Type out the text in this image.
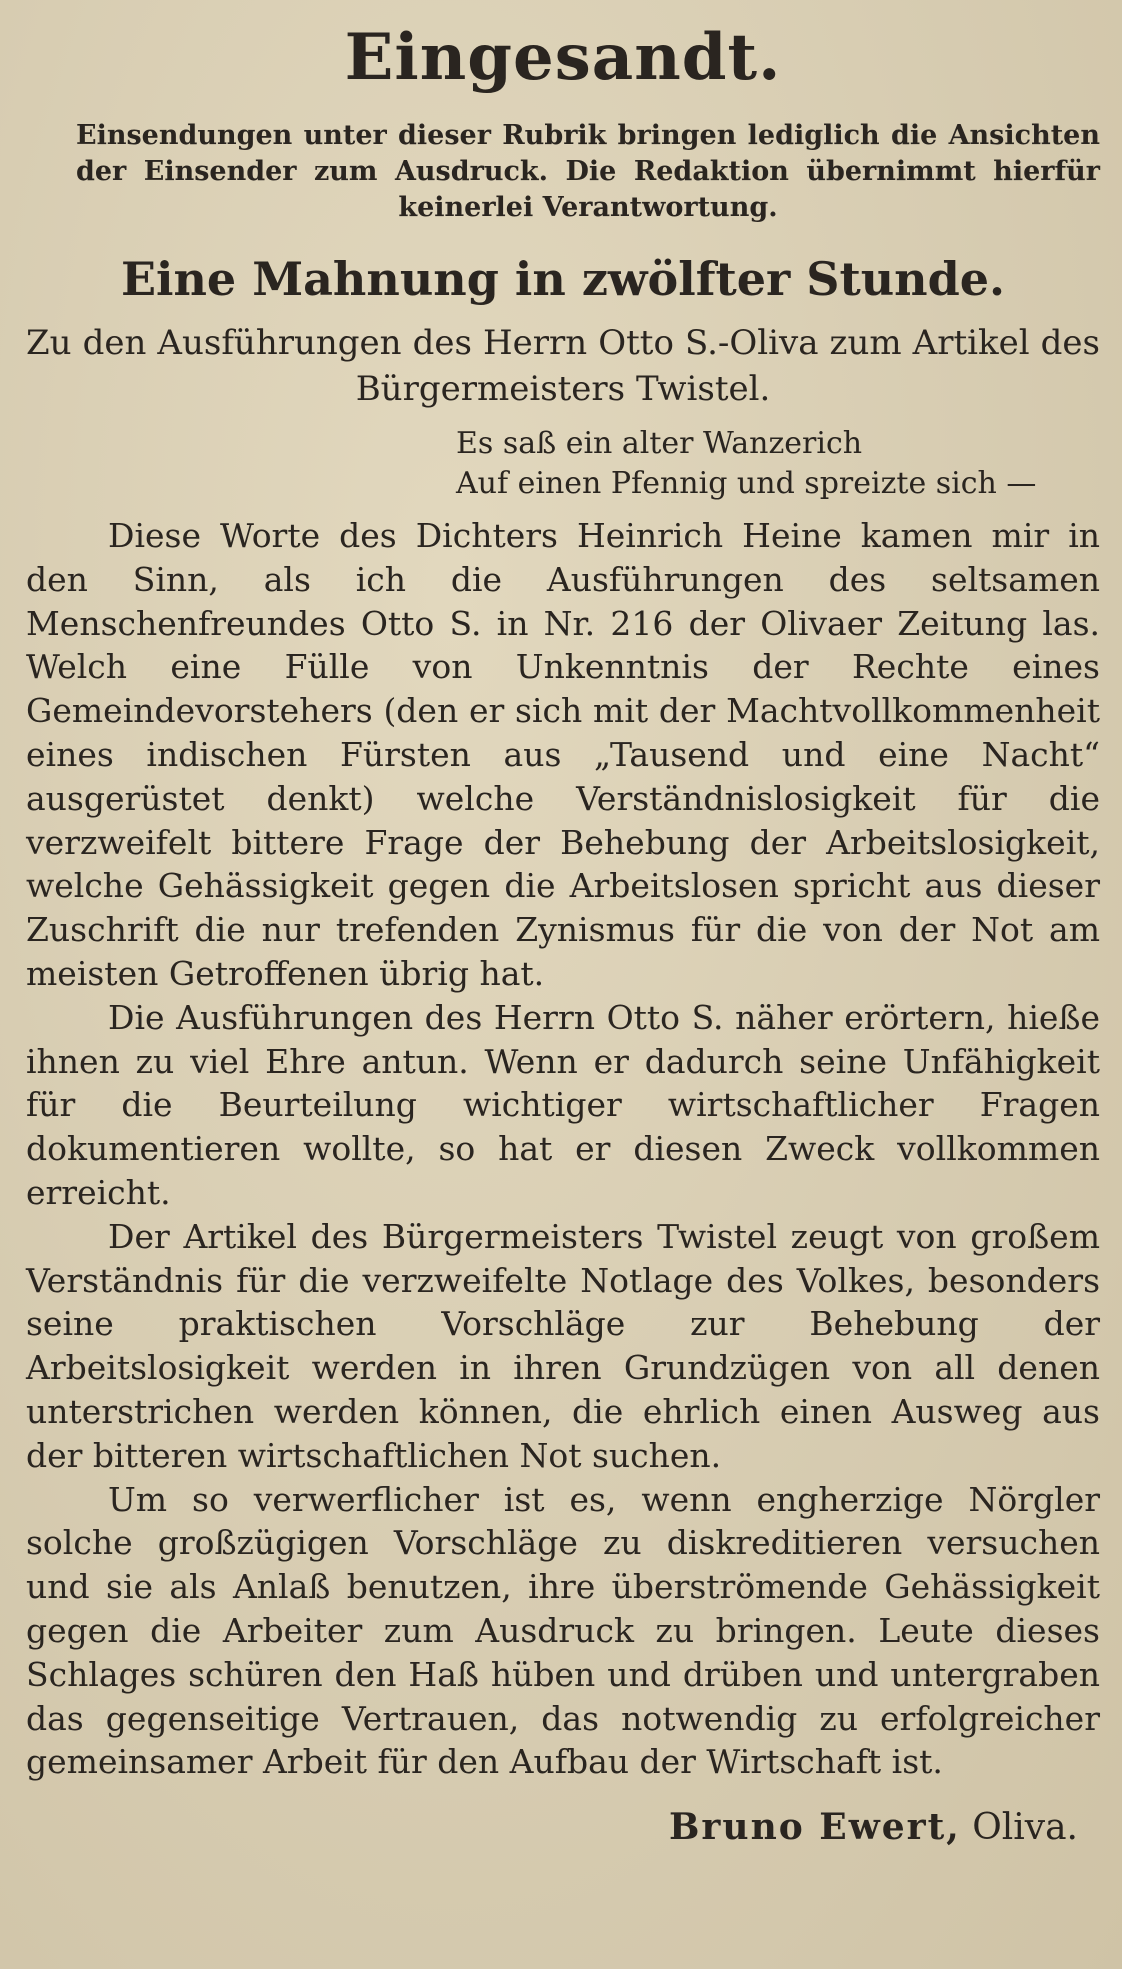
Eingesandt.
Einsendungen unter dieser Rubrik bringen lediglich die Ansichten der Einsender zum Ausdruck. Die Redaktion übernimmt hierfür keinerlei Verantwortung.
Eine Mahnung in zwölfter Stunde.
Zu den Ausführungen des Herrn Otto S.-Oliva zum Artikel des Bürgermeisters Twistel.
Es saß ein alter Wanzerich
Auf einen Pfennig und spreizte sich —

Diese Worte des Dichters Heinrich Heine kamen mir in den Sinn, als ich die Ausführungen des seltsamen Menschenfreundes Otto S. in Nr. 216 der Olivaer Zeitung las. Welch eine Fülle von Unkenntnis der Rechte eines Gemeindevorstehers (den er sich mit der Machtvollkommenheit eines indischen Fürsten aus „Tausend und eine Nacht“ ausgerüstet denkt) welche Verständnislosigkeit für die verzweifelt bittere Frage der Behebung der Arbeitslosigkeit, welche Gehässigkeit gegen die Arbeitslosen spricht aus dieser Zuschrift die nur trefenden Zynismus für die von der Not am meisten Getroffenen übrig hat.

Die Ausführungen des Herrn Otto S. näher erörtern, hieße ihnen zu viel Ehre antun. Wenn er dadurch seine Unfähigkeit für die Beurteilung wichtiger wirtschaftlicher Fragen dokumentieren wollte, so hat er diesen Zweck vollkommen erreicht.

Der Artikel des Bürgermeisters Twistel zeugt von großem Verständnis für die verzweifelte Notlage des Volkes, besonders seine praktischen Vorschläge zur Behebung der Arbeitslosigkeit werden in ihren Grundzügen von all denen unterstrichen werden können, die ehrlich einen Ausweg aus der bitteren wirtschaftlichen Not suchen.

Um so verwerflicher ist es, wenn engherzige Nörgler solche großzügigen Vorschläge zu diskreditieren versuchen und sie als Anlaß benutzen, ihre überströmende Gehässigkeit gegen die Arbeiter zum Ausdruck zu bringen. Leute dieses Schlages schüren den Haß hüben und drüben und untergraben das gegenseitige Vertrauen, das notwendig zu erfolgreicher gemeinsamer Arbeit für den Aufbau der Wirtschaft ist.

Bruno Ewert, Oliva.
